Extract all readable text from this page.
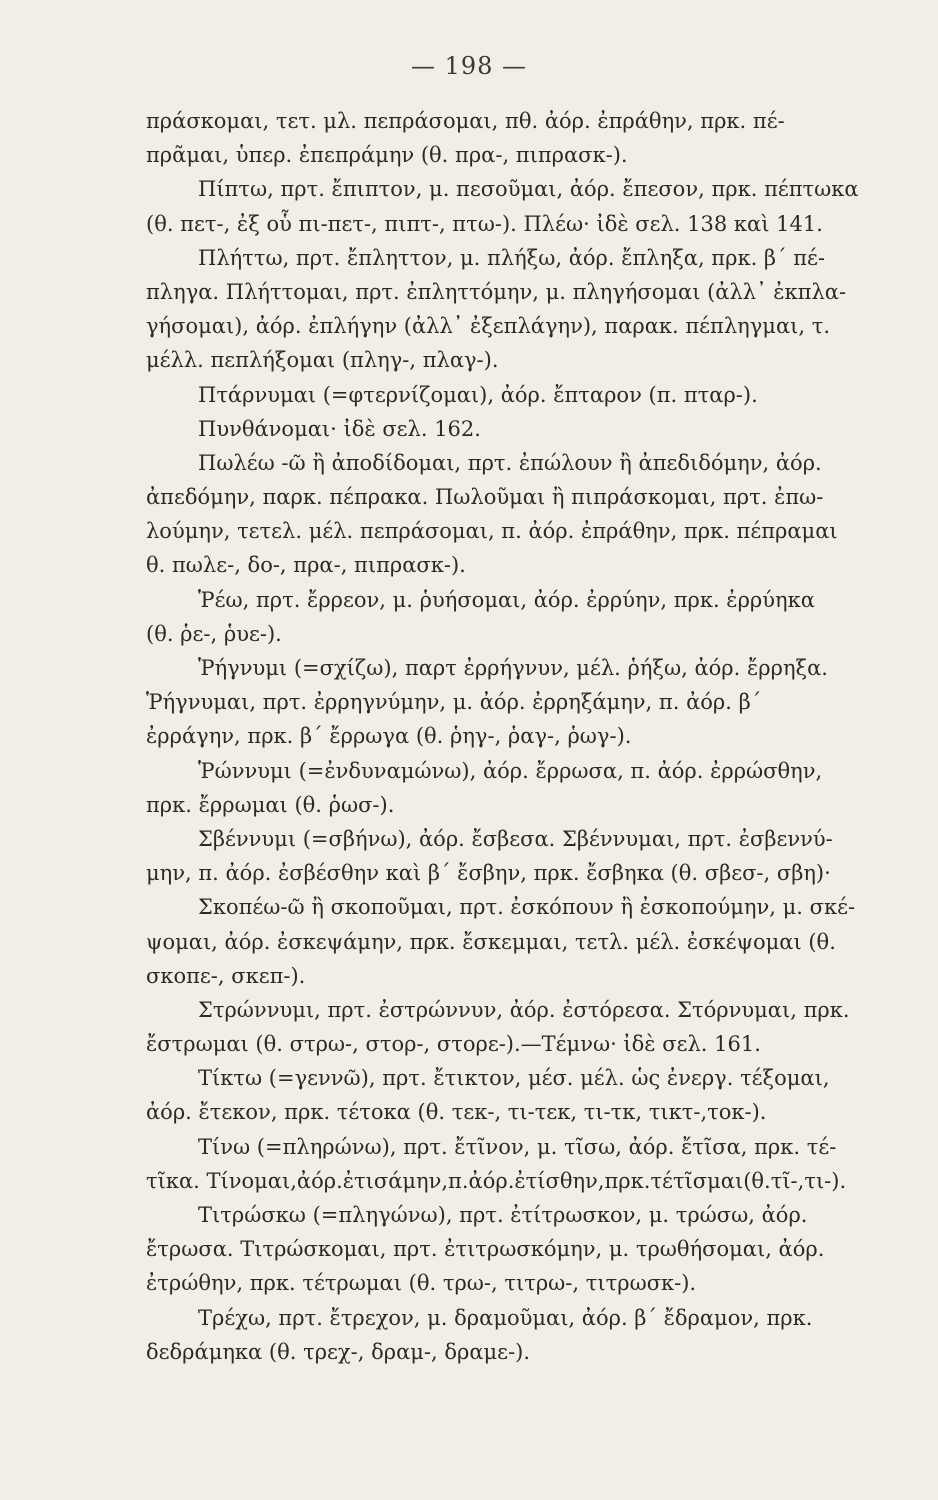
— 198 —
πράσκομαι, τετ. μλ. πεπράσομαι, πθ. ἀόρ. ἐπράθην, πρκ. πέ-
πρᾶμαι, ὑπερ. ἐπεπράμην (θ. πρα-, πιπρασκ-).
Πίπτω, πρτ. ἔπιπτον, μ. πεσοῦμαι, ἀόρ. ἔπεσον, πρκ. πέπτωκα
(θ. πετ-, ἐξ οὗ πι-πετ-, πιπτ-, πτω-). Πλέω· ἰδὲ σελ. 138 καὶ 141.
Πλήττω, πρτ. ἔπληττον, μ. πλήξω, ἀόρ. ἔπληξα, πρκ. β΄ πέ-
πληγα. Πλήττομαι, πρτ. ἐπληττόμην, μ. πληγήσομαι (ἀλλ᾽ ἐκπλα-
γήσομαι), ἀόρ. ἐπλήγην (ἀλλ᾽ ἐξεπλάγην), παρακ. πέπληγμαι, τ.
μέλλ. πεπλήξομαι (πληγ-, πλαγ-).
Πτάρνυμαι (=φτερνίζομαι), ἀόρ. ἔπταρον (π. πταρ-).
Πυνθάνομαι· ἰδὲ σελ. 162.
Πωλέω -ῶ ἢ ἀποδίδομαι, πρτ. ἐπώλουν ἢ ἀπεδιδόμην, ἀόρ.
ἀπεδόμην, παρκ. πέπρακα. Πωλοῦμαι ἢ πιπράσκομαι, πρτ. ἐπω-
λούμην, τετελ. μέλ. πεπράσομαι, π. ἀόρ. ἐπράθην, πρκ. πέπραμαι
θ. πωλε-, δο-, πρα-, πιπρασκ-).
Ῥέω, πρτ. ἔρρεον, μ. ῥυήσομαι, ἀόρ. ἐρρύην, πρκ. ἐρρύηκα
(θ. ῥε-, ῥυε-).
Ῥήγνυμι (=σχίζω), παρτ ἐρρήγνυν, μέλ. ῥήξω, ἀόρ. ἔρρηξα.
Ῥήγνυμαι, πρτ. ἐρρηγνύμην, μ. ἀόρ. ἐρρηξάμην, π. ἀόρ. β΄
ἐρράγην, πρκ. β΄ ἔρρωγα (θ. ῥηγ-, ῥαγ-, ῥωγ-).
Ῥώννυμι (=ἐνδυναμώνω), ἀόρ. ἔρρωσα, π. ἀόρ. ἐρρώσθην,
πρκ. ἔρρωμαι (θ. ῥωσ-).
Σβέννυμι (=σβήνω), ἀόρ. ἔσβεσα. Σβέννυμαι, πρτ. ἐσβεννύ-
μην, π. ἀόρ. ἐσβέσθην καὶ β΄ ἔσβην, πρκ. ἔσβηκα (θ. σβεσ-, σβη)·
Σκοπέω-ῶ ἢ σκοποῦμαι, πρτ. ἐσκόπουν ἢ ἐσκοπούμην, μ. σκέ-
ψομαι, ἀόρ. ἐσκεψάμην, πρκ. ἔσκεμμαι, τετλ. μέλ. ἐσκέψομαι (θ.
σκοπε-, σκεπ-).
Στρώννυμι, πρτ. ἐστρώννυν, ἀόρ. ἐστόρεσα. Στόρνυμαι, πρκ.
ἔστρωμαι (θ. στρω-, στορ-, στορε-).—Τέμνω· ἰδὲ σελ. 161.
Τίκτω (=γεννῶ), πρτ. ἔτικτον, μέσ. μέλ. ὡς ἐνεργ. τέξομαι,
ἀόρ. ἔτεκον, πρκ. τέτοκα (θ. τεκ-, τι-τεκ, τι-τκ, τικτ-,τοκ-).
Τίνω (=πληρώνω), πρτ. ἔτῖνον, μ. τῖσω, ἀόρ. ἔτῖσα, πρκ. τέ-
τῖκα. Τίνομαι,ἀόρ.ἐτισάμην,π.ἀόρ.ἐτίσθην,πρκ.τέτῖσμαι(θ.τῖ-,τι-).
Τιτρώσκω (=πληγώνω), πρτ. ἐτίτρωσκον, μ. τρώσω, ἀόρ.
ἔτρωσα. Τιτρώσκομαι, πρτ. ἐτιτρωσκόμην, μ. τρωθήσομαι, ἀόρ.
ἐτρώθην, πρκ. τέτρωμαι (θ. τρω-, τιτρω-, τιτρωσκ-).
Τρέχω, πρτ. ἔτρεχον, μ. δραμοῦμαι, ἀόρ. β΄ ἔδραμον, πρκ.
δεδράμηκα (θ. τρεχ-, δραμ-, δραμε-).
